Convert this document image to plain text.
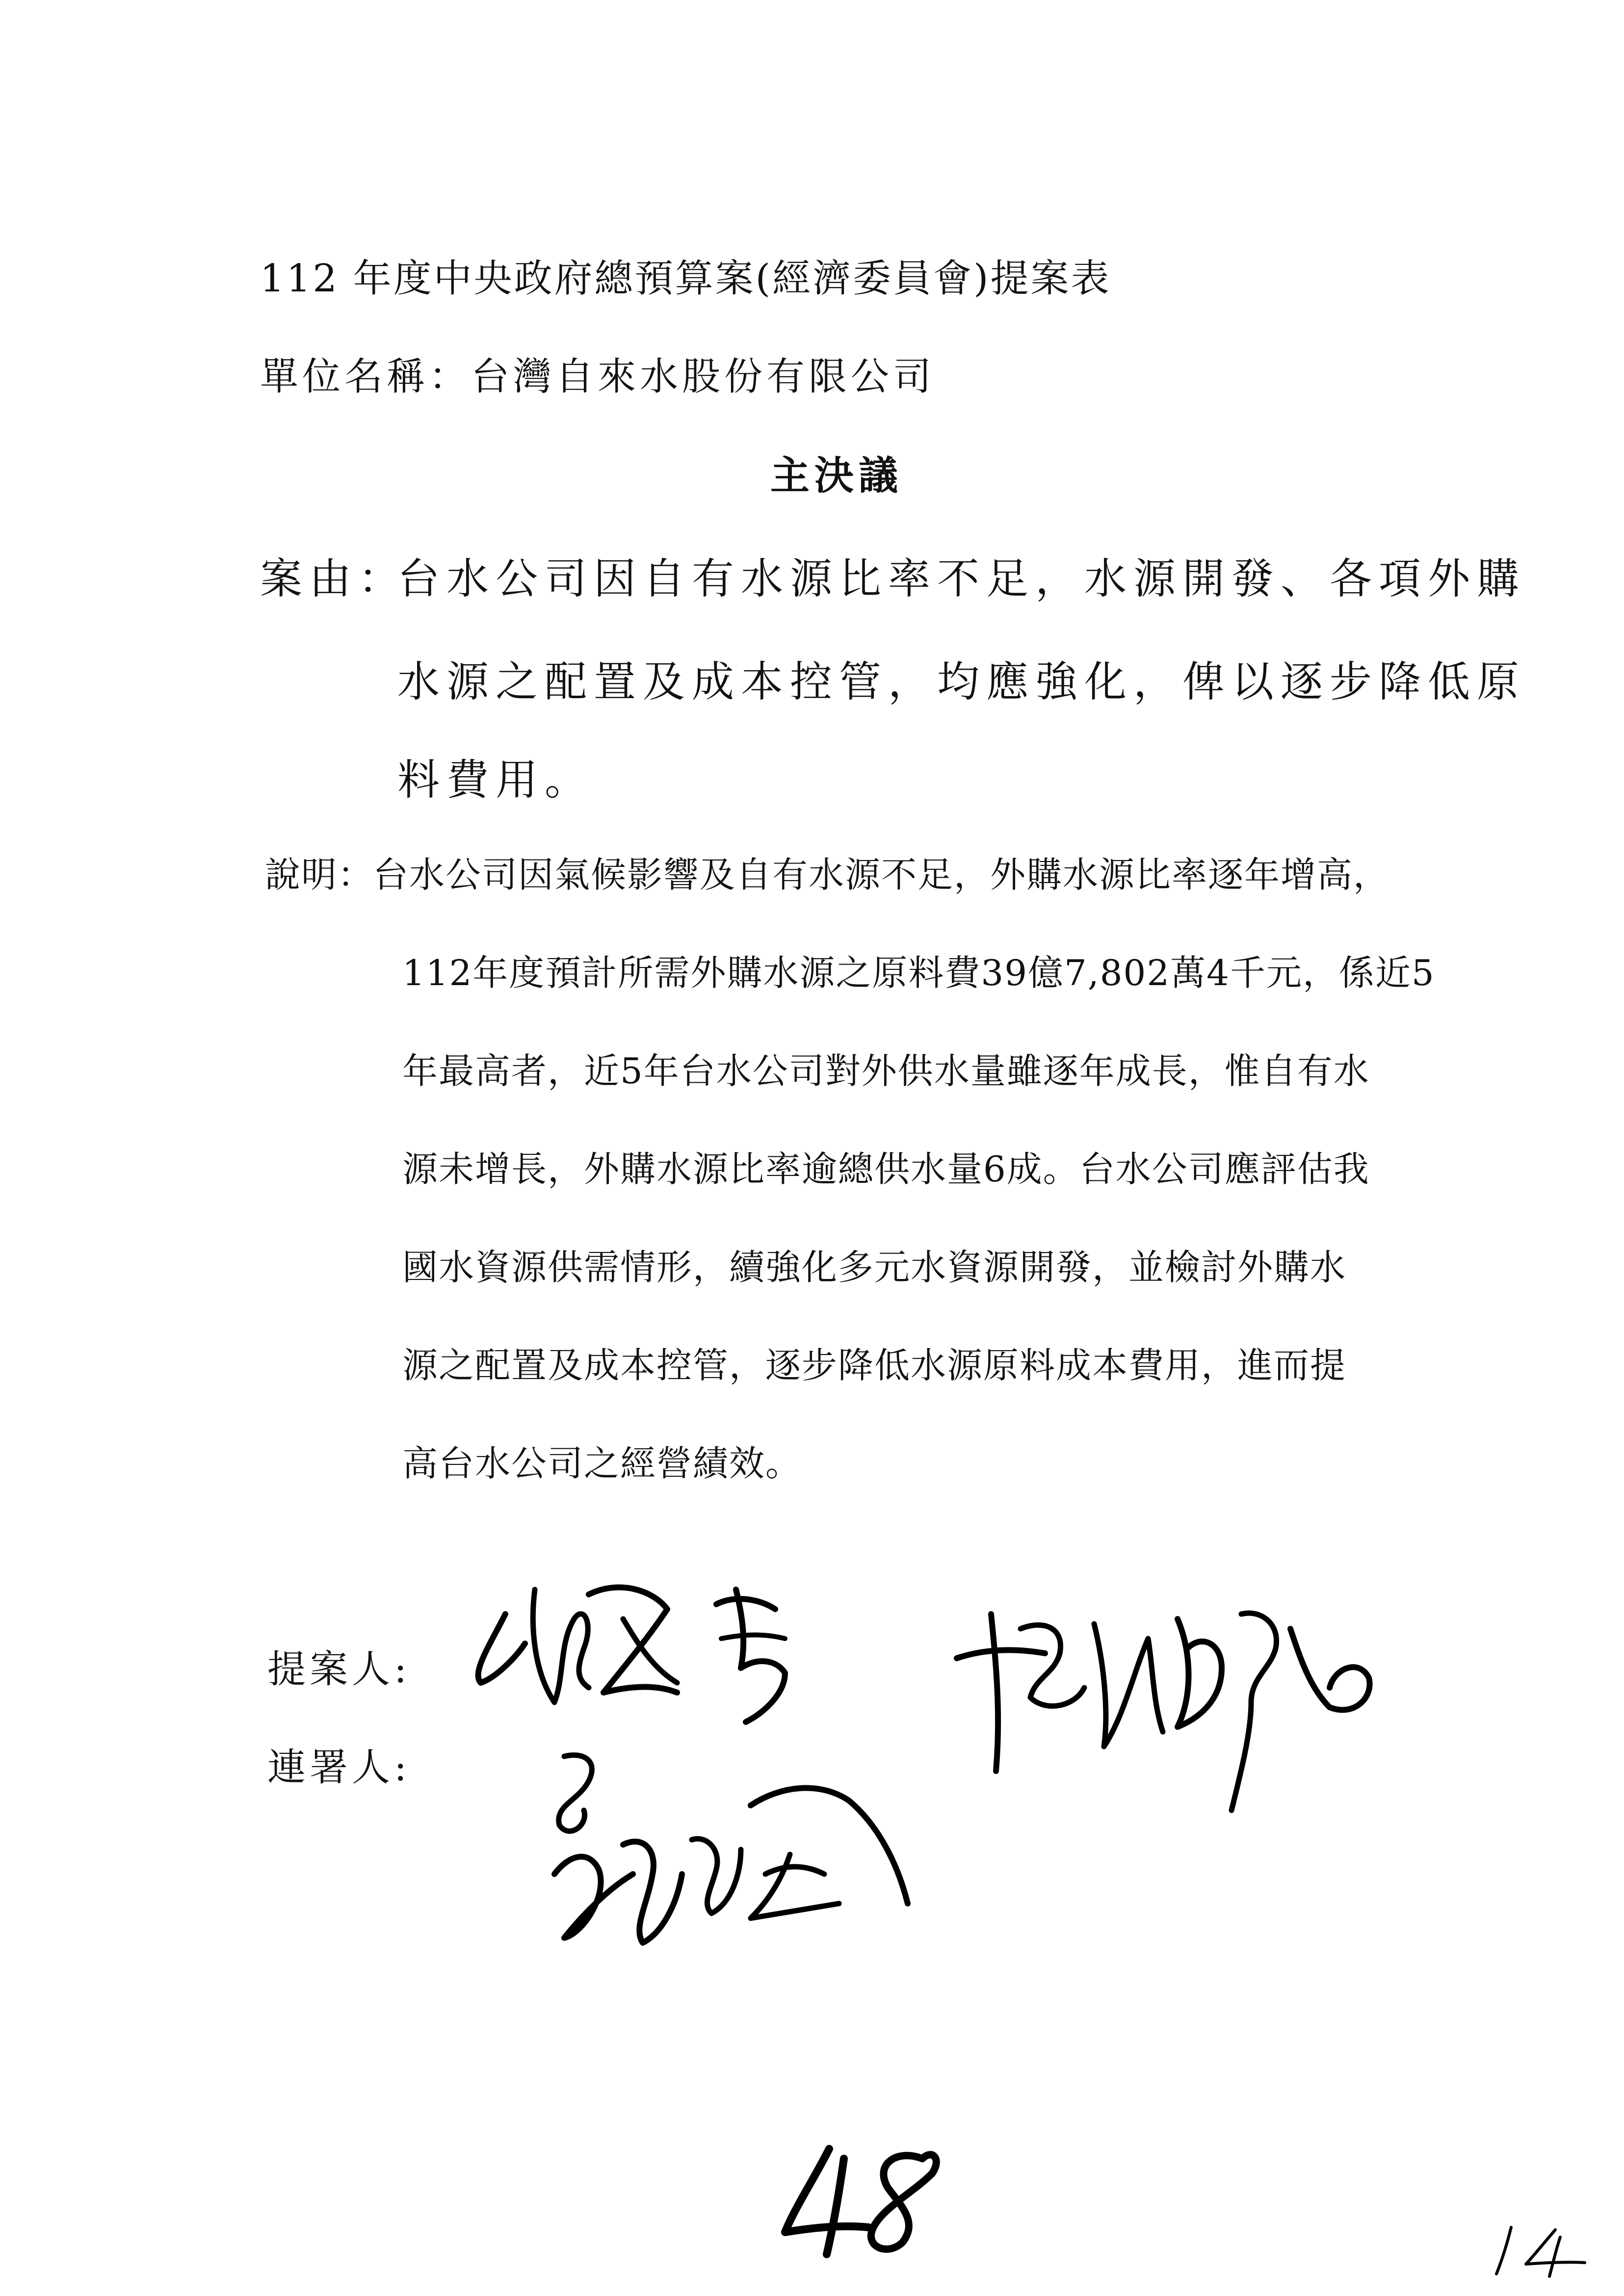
112 年度中央政府總預算案(經濟委員會)提案表
單位名稱：台灣自來水股份有限公司
主決議
案由：
台水公司因自有水源比率不足，水源開發、各項外購
水源之配置及成本控管，均應強化，俾以逐步降低原
料費用。
說明：
台水公司因氣候影響及自有水源不足，外購水源比率逐年增高，
112年度預計所需外購水源之原料費39億7,802萬4千元，係近5
年最高者，近5年台水公司對外供水量雖逐年成長，惟自有水
源未增長，外購水源比率逾總供水量6成。台水公司應評估我
國水資源供需情形，續強化多元水資源開發，並檢討外購水
源之配置及成本控管，逐步降低水源原料成本費用，進而提
高台水公司之經營績效。
提案人:
連署人:
